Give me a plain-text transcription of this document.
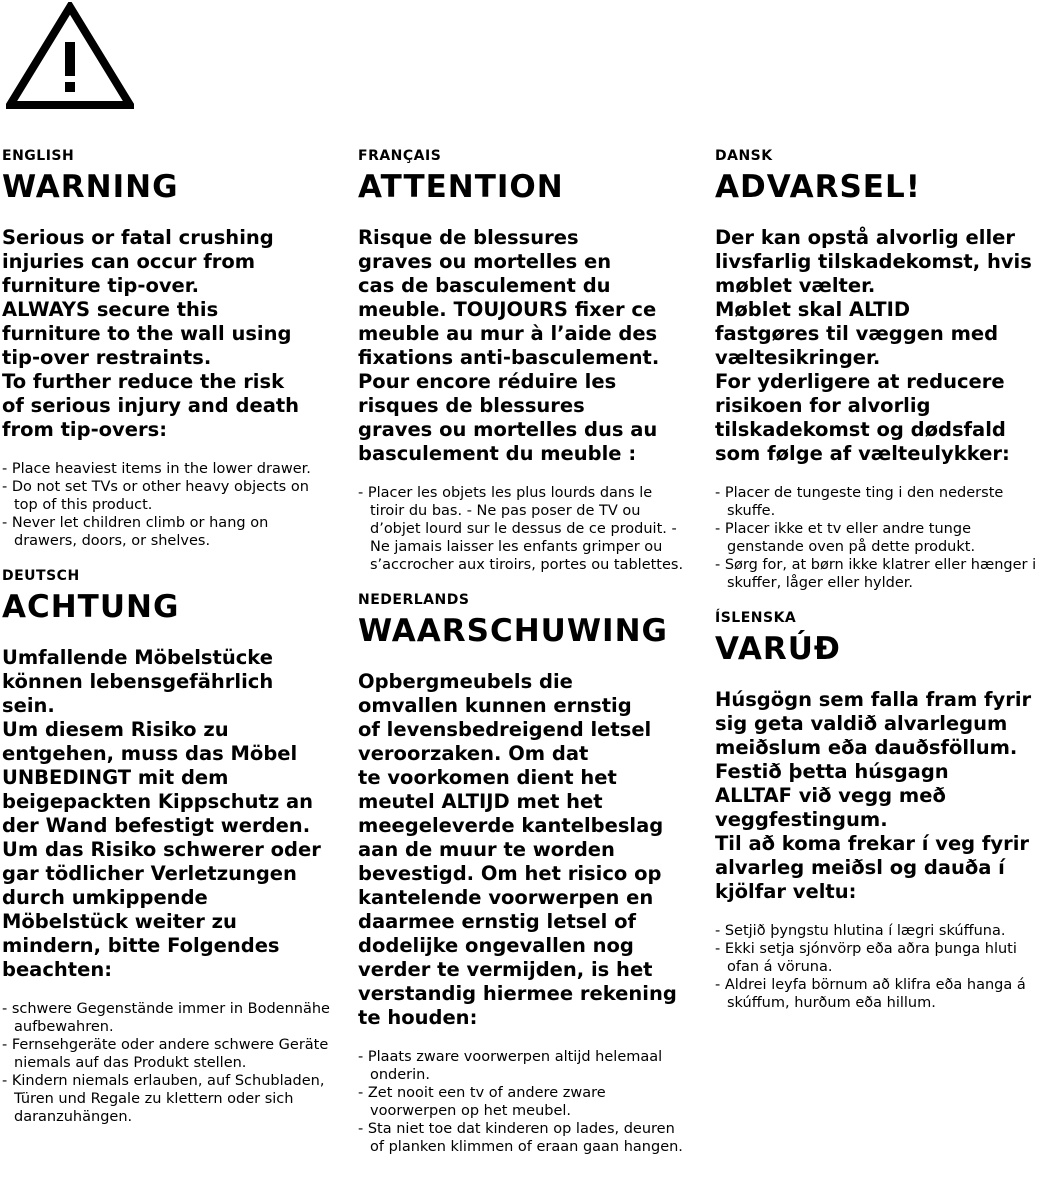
ENGLISH
WARNING
Serious or fatal crushing
injuries can occur from
furniture tip-over.
ALWAYS secure this
furniture to the wall using
tip-over restraints.
To further reduce the risk
of serious injury and death
from tip-overs:
- Place heaviest items in the lower drawer.
- Do not set TVs or other heavy objects on top of this product.
- Never let children climb or hang on drawers, doors, or shelves.
DEUTSCH
ACHTUNG
Umfallende Möbelstücke
können lebensgefährlich
sein.
Um diesem Risiko zu
entgehen, muss das Möbel
UNBEDINGT mit dem
beigepackten Kippschutz an
der Wand befestigt werden.
Um das Risiko schwerer oder
gar tödlicher Verletzungen
durch umkippende
Möbelstück weiter zu
mindern, bitte Folgendes
beachten:
- schwere Gegenstände immer in Bodennähe aufbewahren.
- Fernsehgeräte oder andere schwere Geräte niemals auf das Produkt stellen.
- Kindern niemals erlauben, auf Schubladen, Türen und Regale zu klettern oder sich daranzuhängen.
FRANÇAIS
ATTENTION
Risque de blessures
graves ou mortelles en
cas de basculement du
meuble. TOUJOURS fixer ce
meuble au mur à l’aide des
fixations anti-basculement.
Pour encore réduire les
risques de blessures
graves ou mortelles dus au
basculement du meuble :
- Placer les objets les plus lourds dans le tiroir du bas. - Ne pas poser de TV ou d’objet lourd sur le dessus de ce produit. - Ne jamais laisser les enfants grimper ou s’accrocher aux tiroirs, portes ou tablettes.
NEDERLANDS
WAARSCHUWING
Opbergmeubels die
omvallen kunnen ernstig
of levensbedreigend letsel
veroorzaken. Om dat
te voorkomen dient het
meutel ALTIJD met het
meegeleverde kantelbeslag
aan de muur te worden
bevestigd. Om het risico op
kantelende voorwerpen en
daarmee ernstig letsel of
dodelijke ongevallen nog
verder te vermijden, is het
verstandig hiermee rekening
te houden:
- Plaats zware voorwerpen altijd helemaal onderin.
- Zet nooit een tv of andere zware voorwerpen op het meubel.
- Sta niet toe dat kinderen op lades, deuren of planken klimmen of eraan gaan hangen.
DANSK
ADVARSEL!
Der kan opstå alvorlig eller
livsfarlig tilskadekomst, hvis
møblet vælter.
Møblet skal ALTID
fastgøres til væggen med
væltesikringer.
For yderligere at reducere
risikoen for alvorlig
tilskadekomst og dødsfald
som følge af vælteulykker:
- Placer de tungeste ting i den nederste skuffe.
- Placer ikke et tv eller andre tunge genstande oven på dette produkt.
- Sørg for, at børn ikke klatrer eller hænger i skuffer, låger eller hylder.
ÍSLENSKA
VARÚÐ
Húsgögn sem falla fram fyrir
sig geta valdið alvarlegum
meiðslum eða dauðsföllum.
Festið þetta húsgagn
ALLTAF við vegg með
veggfestingum.
Til að koma frekar í veg fyrir
alvarleg meiðsl og dauða í
kjölfar veltu:
- Setjið þyngstu hlutina í lægri skúffuna.
- Ekki setja sjónvörp eða aðra þunga hluti ofan á vöruna.
- Aldrei leyfa börnum að klifra eða hanga á skúffum, hurðum eða hillum.
